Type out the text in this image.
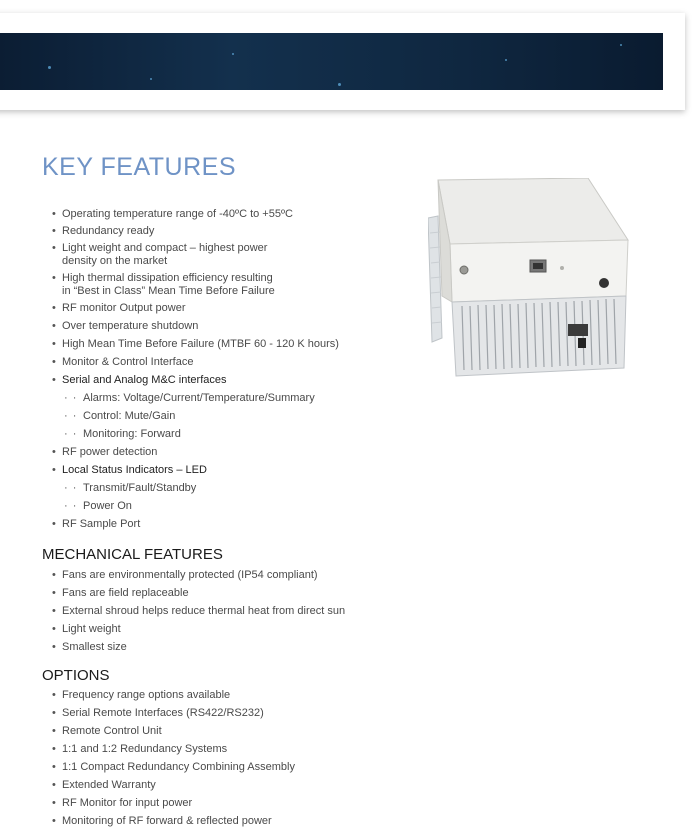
KEY FEATURES
• Operating temperature range of -40ºC to +55ºC
• Redundancy ready
• Light weight and compact – highest power
density on the market
• High thermal dissipation efficiency resulting
in “Best in Class” Mean Time Before Failure
• RF monitor Output power
• Over temperature shutdown
• High Mean Time Before Failure (MTBF 60 - 120 K hours)
• Monitor & Control Interface
• Serial and Analog M&C interfaces
· · Alarms: Voltage/Current/Temperature/Summary
· · Control: Mute/Gain
· · Monitoring: Forward
• RF power detection
• Local Status Indicators – LED
· · Transmit/Fault/Standby
· · Power On
• RF Sample Port
MECHANICAL FEATURES
• Fans are environmentally protected (IP54 compliant)
• Fans are field replaceable
• External shroud helps reduce thermal heat from direct sun
• Light weight
• Smallest size
OPTIONS
• Frequency range options available
• Serial Remote Interfaces (RS422/RS232)
• Remote Control Unit
• 1:1 and 1:2 Redundancy Systems
• 1:1 Compact Redundancy Combining Assembly
• Extended Warranty
• RF Monitor for input power
• Monitoring of RF forward & reflected power
